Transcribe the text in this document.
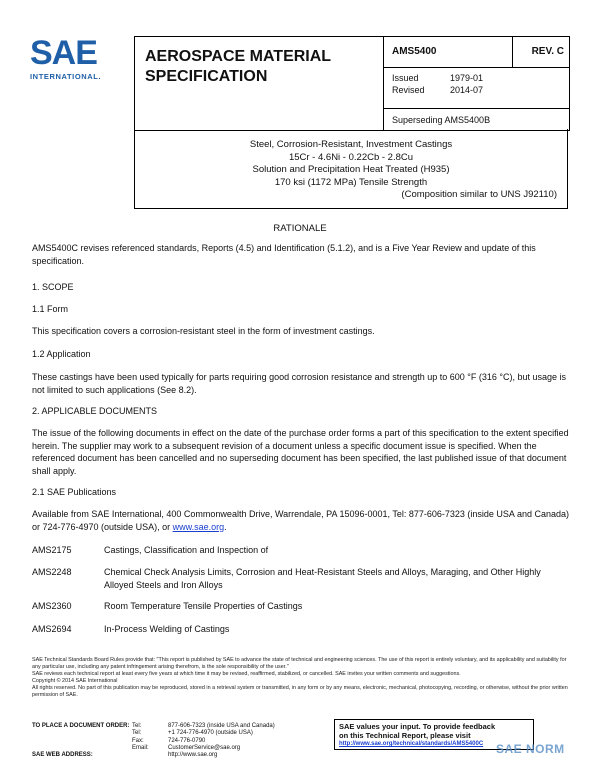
SAE
INTERNATIONAL.
AEROSPACE MATERIAL SPECIFICATION
AMS5400	REV. C
Issued	1979-01
Revised	2014-07
Superseding AMS5400B
Steel, Corrosion-Resistant, Investment Castings
15Cr - 4.6Ni - 0.22Cb - 2.8Cu
Solution and Precipitation Heat Treated (H935)
170 ksi (1172 MPa) Tensile Strength
(Composition similar to UNS J92110)
RATIONALE
AMS5400C revises referenced standards, Reports (4.5) and Identification (5.1.2), and is a Five Year Review and update of this specification.
1. SCOPE
1.1 Form
This specification covers a corrosion-resistant steel in the form of investment castings.
1.2 Application
These castings have been used typically for parts requiring good corrosion resistance and strength up to 600 °F (316 °C), but usage is not limited to such applications (See 8.2).
2. APPLICABLE DOCUMENTS
The issue of the following documents in effect on the date of the purchase order forms a part of this specification to the extent specified herein. The supplier may work to a subsequent revision of a document unless a specific document issue is specified. When the referenced document has been cancelled and no superseding document has been specified, the last published issue of that document shall apply.
2.1 SAE Publications
Available from SAE International, 400 Commonwealth Drive, Warrendale, PA 15096-0001, Tel: 877-606-7323 (inside USA and Canada) or 724-776-4970 (outside USA), or www.sae.org.
AMS2175	Castings, Classification and Inspection of
AMS2248	Chemical Check Analysis Limits, Corrosion and Heat-Resistant Steels and Alloys, Maraging, and Other Highly Alloyed Steels and Iron Alloys
AMS2360	Room Temperature Tensile Properties of Castings
AMS2694	In-Process Welding of Castings
SAE Technical Standards Board Rules provide that: "This report is published by SAE to advance the state of technical and engineering sciences. The use of this report is entirely voluntary, and its applicability and suitability for any particular use, including any patent infringement arising therefrom, is the sole responsibility of the user."
SAE reviews each technical report at least every five years at which time it may be revised, reaffirmed, stabilized, or cancelled. SAE invites your written comments and suggestions.
Copyright © 2014 SAE International
All rights reserved. No part of this publication may be reproduced, stored in a retrieval system or transmitted, in any form or by any means, electronic, mechanical, photocopying, recording, or otherwise, without the prior written permission of SAE.
TO PLACE A DOCUMENT ORDER: Tel:	877-606-7323 (inside USA and Canada)
Tel:	+1 724-776-4970 (outside USA)
Fax:	724-776-0790
Email:	CustomerService@sae.org
SAE WEB ADDRESS:	http://www.sae.org
SAE values your input. To provide feedback
on this Technical Report, please visit
http://www.sae.org/technical/standards/AMS5400C	SAE NORM
